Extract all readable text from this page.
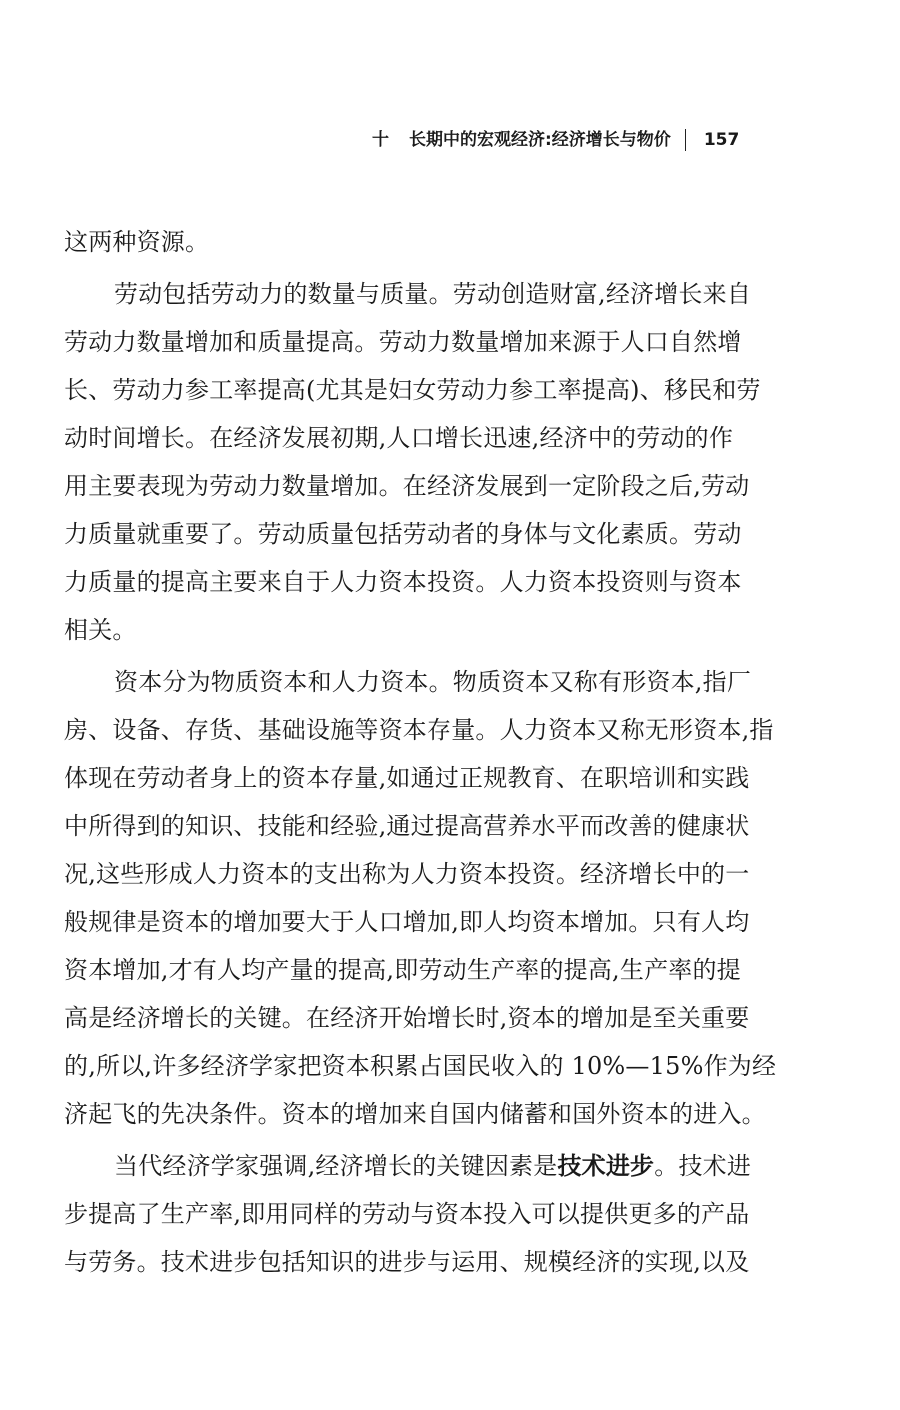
十 长期中的宏观经济:经济增长与物价 157
这两种资源。
劳动包括劳动力的数量与质量。劳动创造财富,经济增长来自
劳动力数量增加和质量提高。劳动力数量增加来源于人口自然增
长、劳动力参工率提高(尤其是妇女劳动力参工率提高)、移民和劳
动时间增长。在经济发展初期,人口增长迅速,经济中的劳动的作
用主要表现为劳动力数量增加。在经济发展到一定阶段之后,劳动
力质量就重要了。劳动质量包括劳动者的身体与文化素质。劳动
力质量的提高主要来自于人力资本投资。人力资本投资则与资本
相关。
资本分为物质资本和人力资本。物质资本又称有形资本,指厂
房、设备、存货、基础设施等资本存量。人力资本又称无形资本,指
体现在劳动者身上的资本存量,如通过正规教育、在职培训和实践
中所得到的知识、技能和经验,通过提高营养水平而改善的健康状
况,这些形成人力资本的支出称为人力资本投资。经济增长中的一
般规律是资本的增加要大于人口增加,即人均资本增加。只有人均
资本增加,才有人均产量的提高,即劳动生产率的提高,生产率的提
高是经济增长的关键。在经济开始增长时,资本的增加是至关重要
的,所以,许多经济学家把资本积累占国民收入的 10%—15%作为经
济起飞的先决条件。资本的增加来自国内储蓄和国外资本的进入。
当代经济学家强调,经济增长的关键因素是技术进步。技术进
步提高了生产率,即用同样的劳动与资本投入可以提供更多的产品
与劳务。技术进步包括知识的进步与运用、规模经济的实现,以及
